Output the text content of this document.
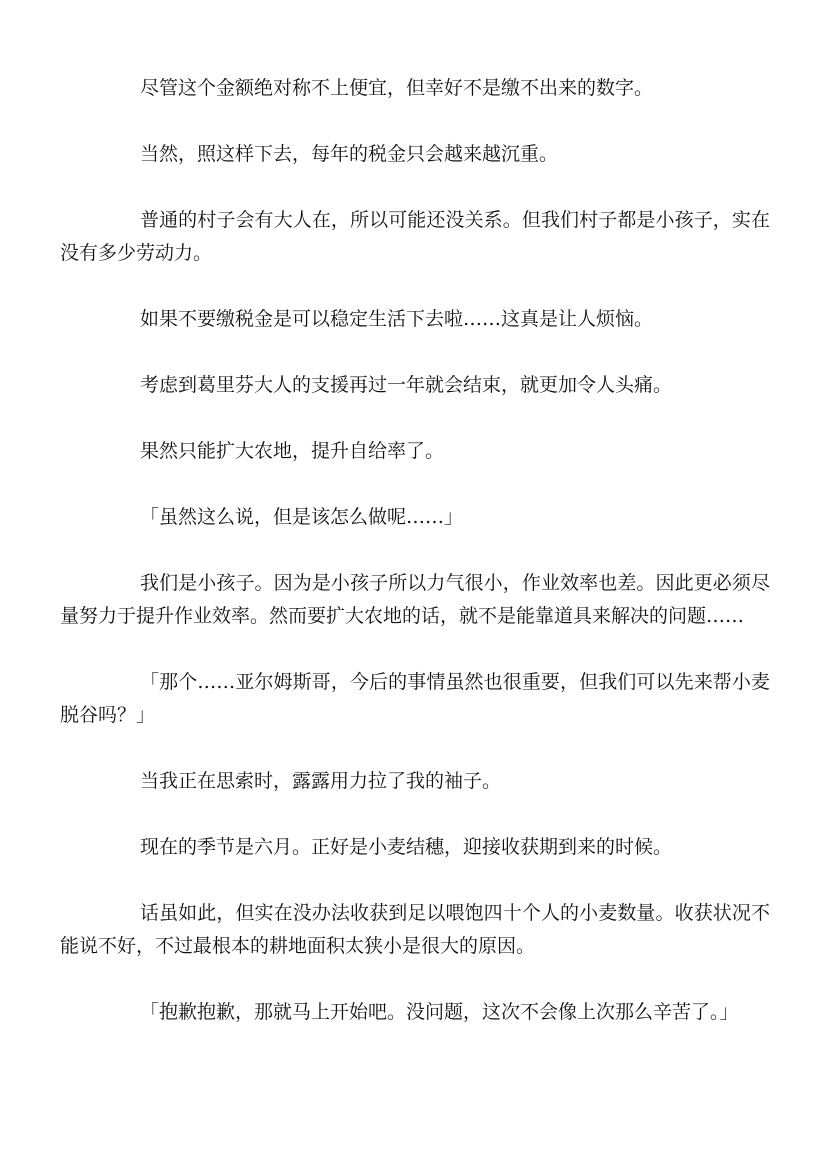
尽管这个金额绝对称不上便宜，但幸好不是缴不出来的数字。

当然，照这样下去，每年的税金只会越来越沉重。

普通的村子会有大人在，所以可能还没关系。但我们村子都是小孩子，实在没有多少劳动力。

如果不要缴税金是可以稳定生活下去啦……这真是让人烦恼。

考虑到葛里芬大人的支援再过一年就会结束，就更加令人头痛。

果然只能扩大农地，提升自给率了。

「虽然这么说，但是该怎么做呢……」

我们是小孩子。因为是小孩子所以力气很小，作业效率也差。因此更必须尽量努力于提升作业效率。然而要扩大农地的话，就不是能靠道具来解决的问题……

「那个……亚尔姆斯哥，今后的事情虽然也很重要，但我们可以先来帮小麦脱谷吗？」

当我正在思索时，露露用力拉了我的袖子。

现在的季节是六月。正好是小麦结穗，迎接收获期到来的时候。

话虽如此，但实在没办法收获到足以喂饱四十个人的小麦数量。收获状况不能说不好，不过最根本的耕地面积太狭小是很大的原因。

「抱歉抱歉，那就马上开始吧。没问题，这次不会像上次那么辛苦了。」
